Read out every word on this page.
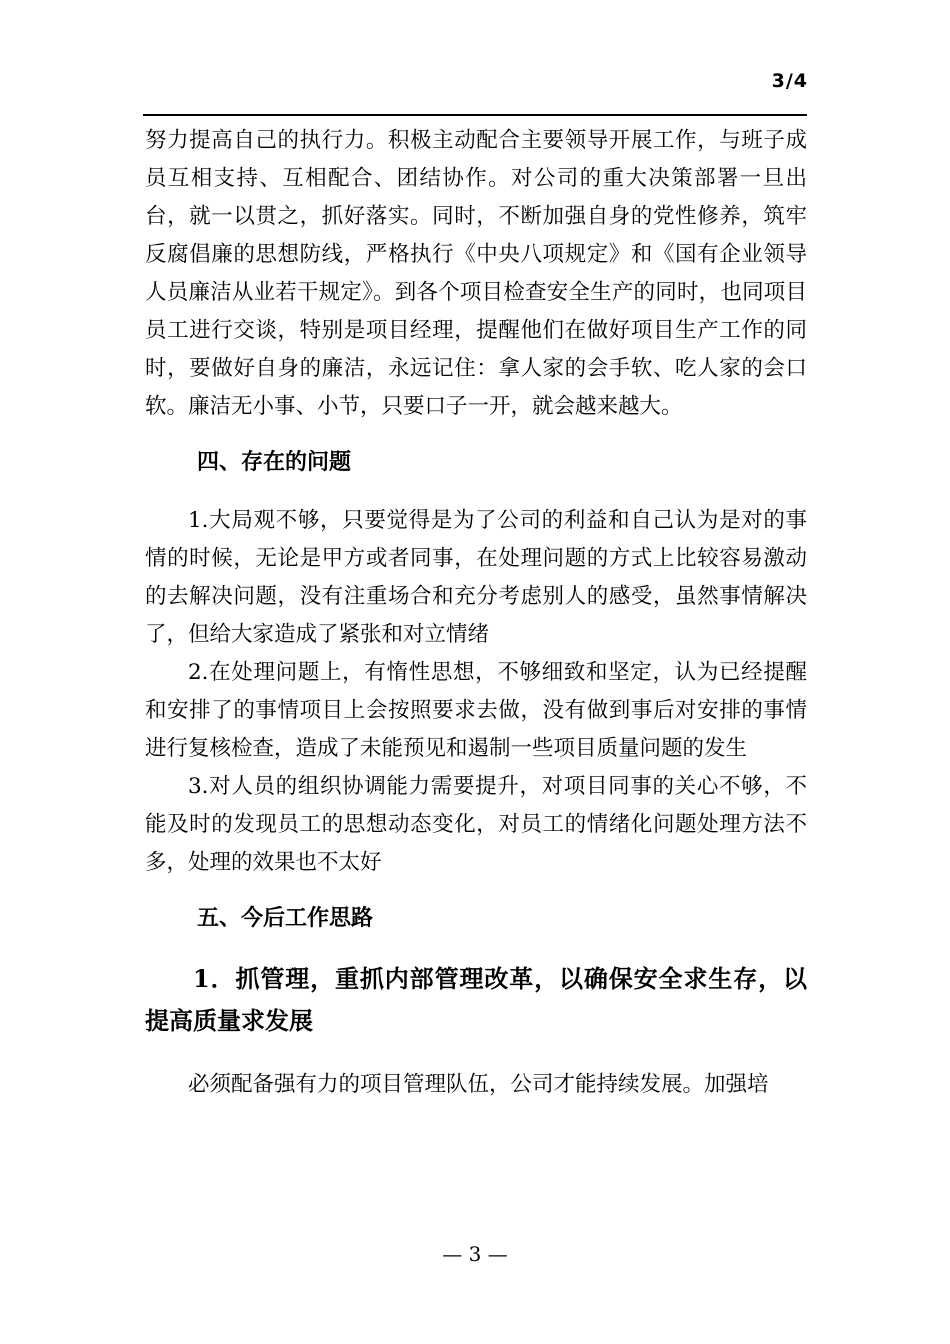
3/4

努力提高自己的执行力。积极主动配合主要领导开展工作，与班子成员互相支持、互相配合、团结协作。对公司的重大决策部署一旦出台，就一以贯之，抓好落实。同时，不断加强自身的党性修养，筑牢反腐倡廉的思想防线，严格执行《中央八项规定》和《国有企业领导人员廉洁从业若干规定》。到各个项目检查安全生产的同时，也同项目员工进行交谈，特别是项目经理，提醒他们在做好项目生产工作的同时，要做好自身的廉洁，永远记住：拿人家的会手软、吃人家的会口软。廉洁无小事、小节，只要口子一开，就会越来越大。

四、存在的问题

1.大局观不够，只要觉得是为了公司的利益和自己认为是对的事情的时候，无论是甲方或者同事，在处理问题的方式上比较容易激动的去解决问题，没有注重场合和充分考虑别人的感受，虽然事情解决了，但给大家造成了紧张和对立情绪

2.在处理问题上，有惰性思想，不够细致和坚定，认为已经提醒和安排了的事情项目上会按照要求去做，没有做到事后对安排的事情进行复核检查，造成了未能预见和遏制一些项目质量问题的发生

3.对人员的组织协调能力需要提升，对项目同事的关心不够，不能及时的发现员工的思想动态变化，对员工的情绪化问题处理方法不多，处理的效果也不太好

五、今后工作思路
1．抓管理，重抓内部管理改革，以确保安全求生存，以提高质量求发展

必须配备强有力的项目管理队伍，公司才能持续发展。加强培

— 3 —
